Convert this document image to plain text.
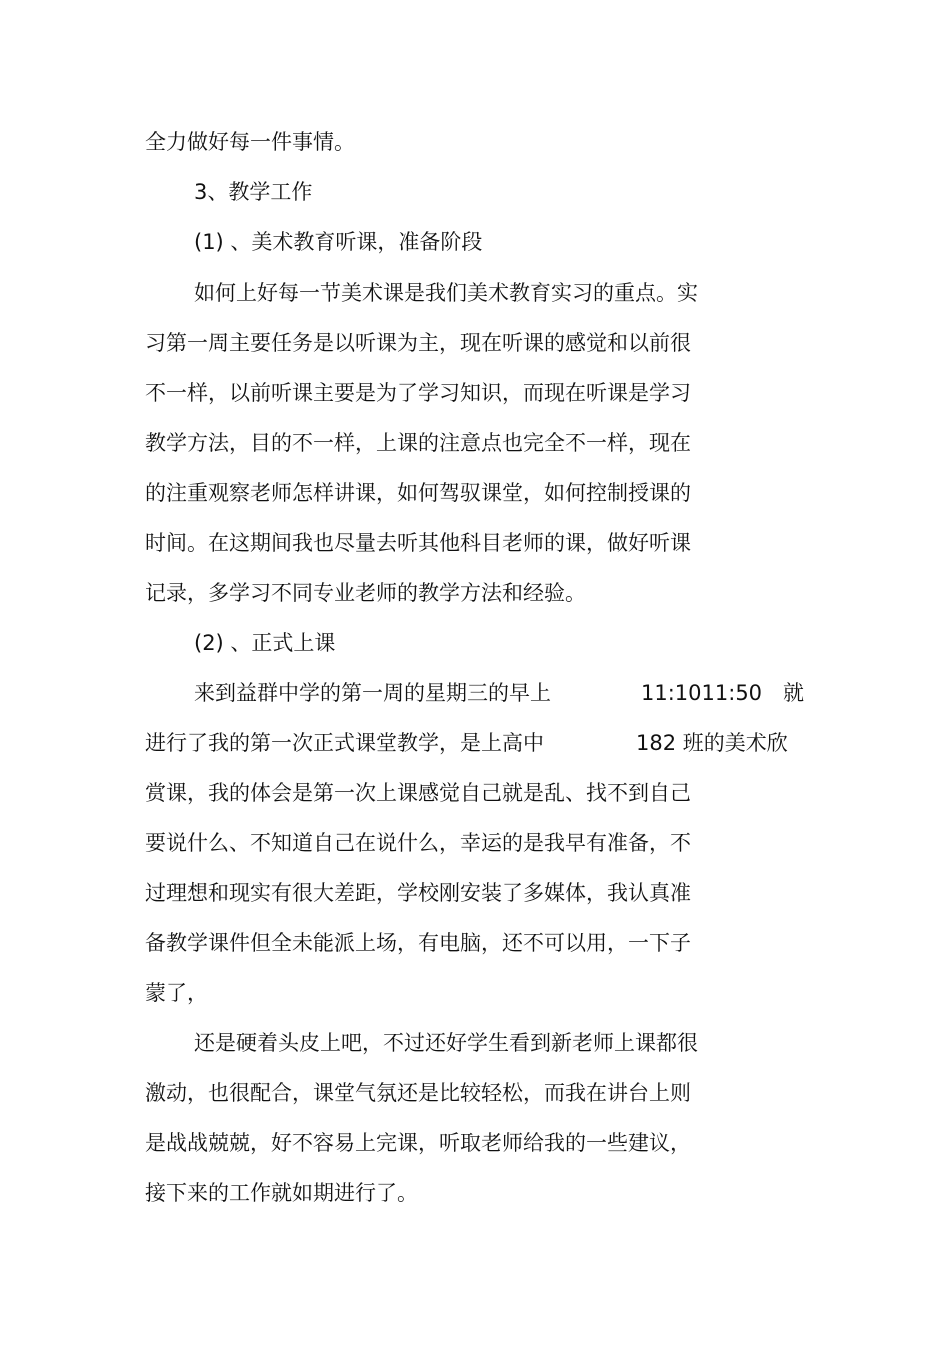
全力做好每一件事情。
3、教学工作
(1) 、美术教育听课，准备阶段
如何上好每一节美术课是我们美术教育实习的重点。实
习第一周主要任务是以听课为主，现在听课的感觉和以前很
不一样，以前听课主要是为了学习知识，而现在听课是学习
教学方法，目的不一样，上课的注意点也完全不一样，现在
的注重观察老师怎样讲课，如何驾驭课堂，如何控制授课的
时间。在这期间我也尽量去听其他科目老师的课，做好听课
记录，多学习不同专业老师的教学方法和经验。
(2) 、正式上课
来到益群中学的第一周的星期三的早上	11:1011:50 就
进行了我的第一次正式课堂教学，是上高中	182 班的美术欣
赏课，我的体会是第一次上课感觉自己就是乱、找不到自己
要说什么、不知道自己在说什么，幸运的是我早有准备，不
过理想和现实有很大差距，学校刚安装了多媒体，我认真准
备教学课件但全未能派上场，有电脑，还不可以用，一下子
蒙了，
还是硬着头皮上吧，不过还好学生看到新老师上课都很
激动，也很配合，课堂气氛还是比较轻松，而我在讲台上则
是战战兢兢，好不容易上完课，听取老师给我的一些建议，
接下来的工作就如期进行了。
